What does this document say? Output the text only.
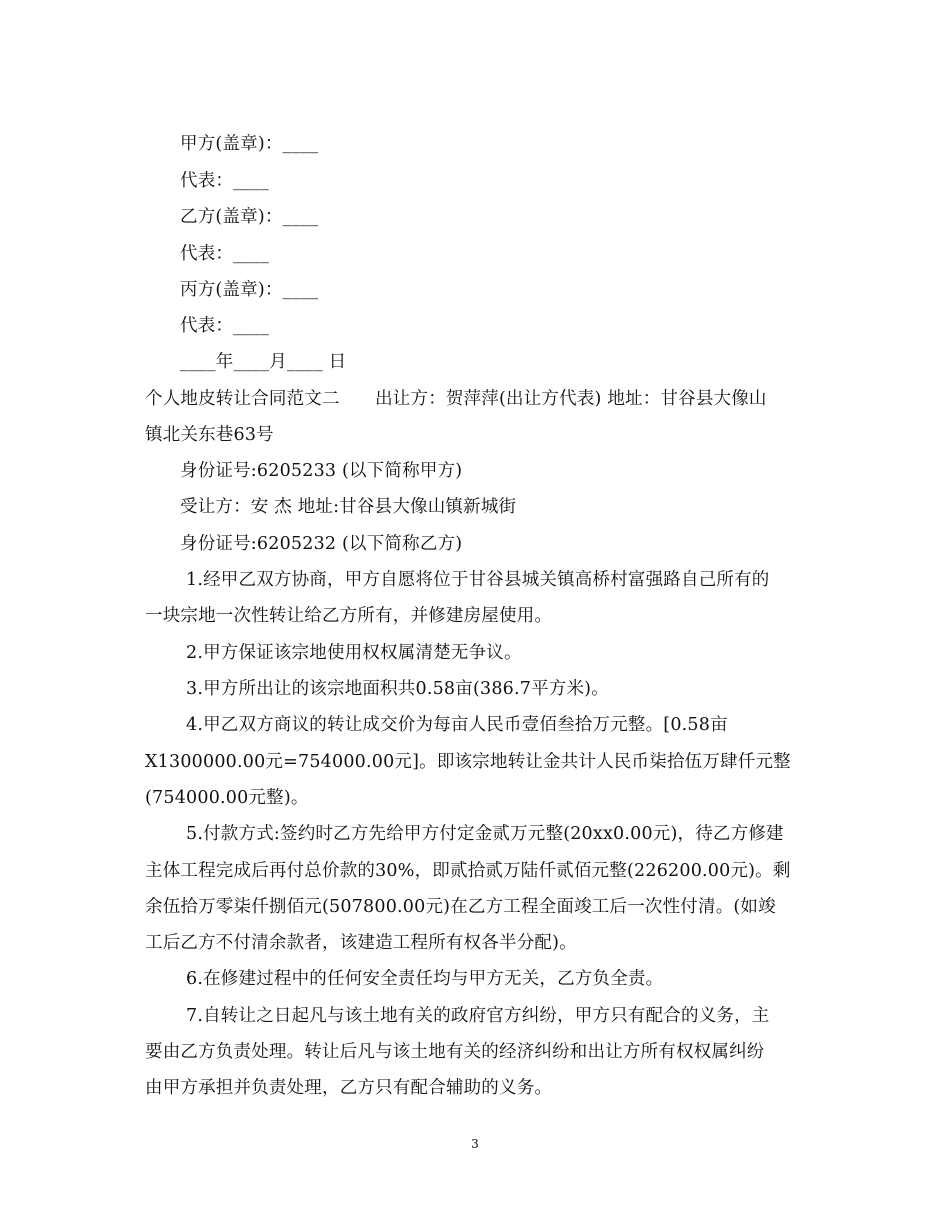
甲方(盖章)：____
代表：____
乙方(盖章)：____
代表：____
丙方(盖章)：____
代表：____
____年____月____ 日
个人地皮转让合同范文二　　出让方：贺萍萍(出让方代表) 地址：甘谷县大像山
镇北关东巷63号
身份证号:6205233 (以下简称甲方)
受让方：安 杰 地址:甘谷县大像山镇新城街
身份证号:6205232 (以下简称乙方)
1.经甲乙双方协商，甲方自愿将位于甘谷县城关镇高桥村富强路自己所有的
一块宗地一次性转让给乙方所有，并修建房屋使用。
2.甲方保证该宗地使用权权属清楚无争议。
3.甲方所出让的该宗地面积共0.58亩(386.7平方米)。
4.甲乙双方商议的转让成交价为每亩人民币壹佰叁拾万元整。[0.58亩
X1300000.00元=754000.00元]。即该宗地转让金共计人民币柒拾伍万肆仟元整
(754000.00元整)。
5.付款方式:签约时乙方先给甲方付定金贰万元整(20xx0.00元)，待乙方修建
主体工程完成后再付总价款的30%，即贰拾贰万陆仟贰佰元整(226200.00元)。剩
余伍拾万零柒仟捌佰元(507800.00元)在乙方工程全面竣工后一次性付清。(如竣
工后乙方不付清余款者，该建造工程所有权各半分配)。
6.在修建过程中的任何安全责任均与甲方无关，乙方负全责。
7.自转让之日起凡与该土地有关的政府官方纠纷，甲方只有配合的义务，主
要由乙方负责处理。转让后凡与该土地有关的经济纠纷和出让方所有权权属纠纷
由甲方承担并负责处理，乙方只有配合辅助的义务。
3
